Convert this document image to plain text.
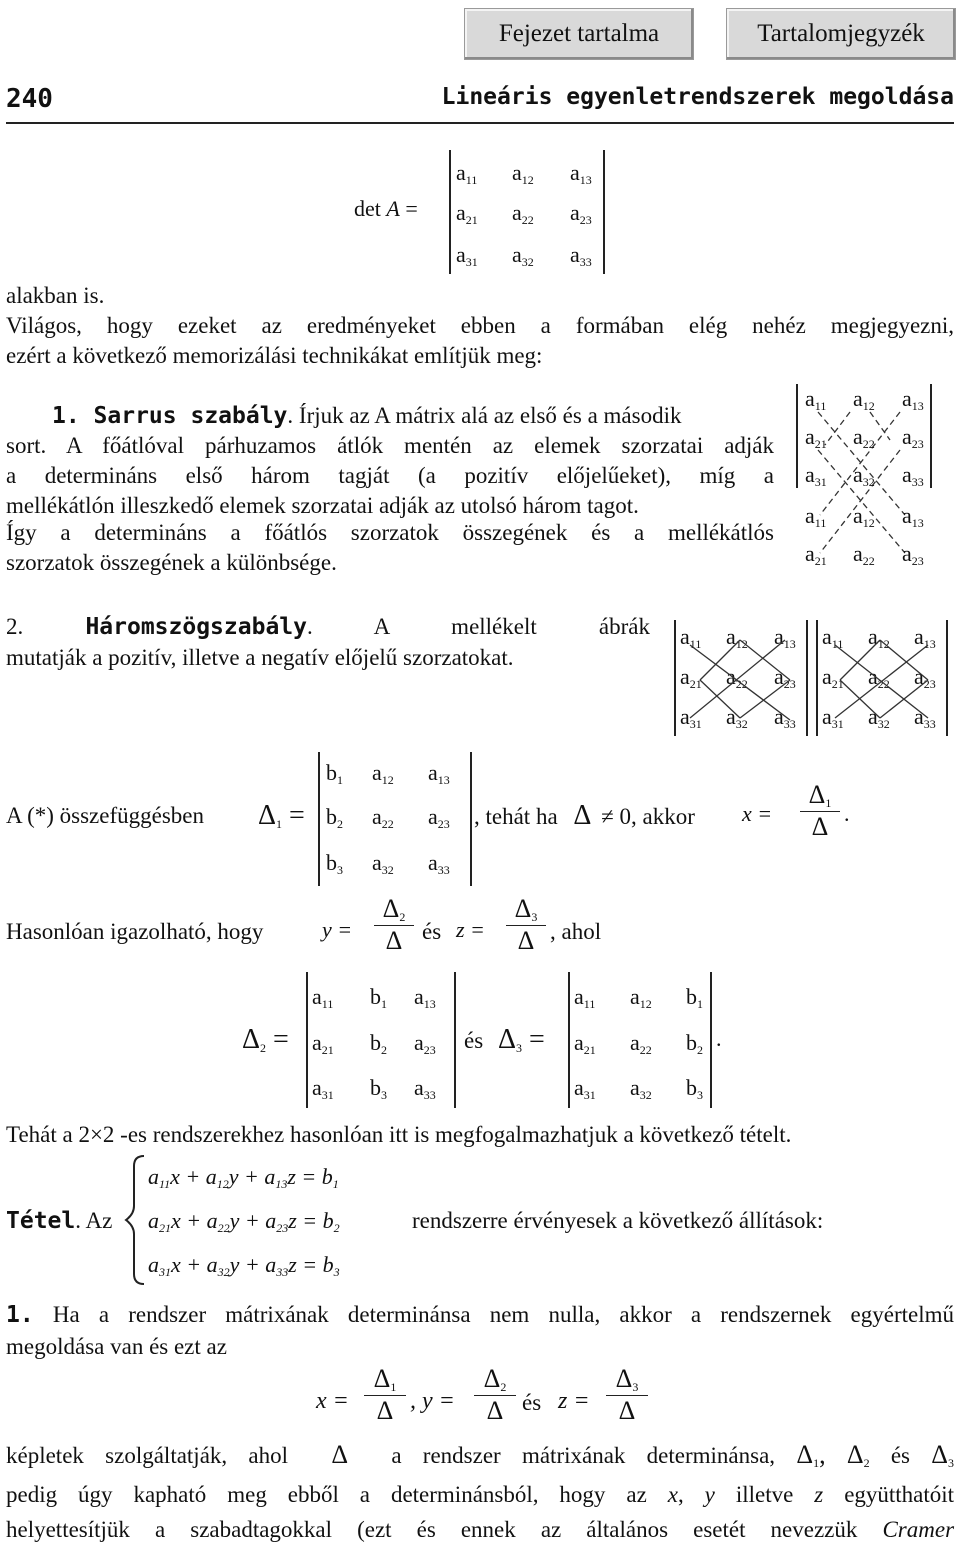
Fejezet tartalma	Tartalomjegyzék
240	Lineáris egyenletrendszerek megoldása
det A =
$a_{11}$ $a_{12}$ $a_{13}$
$a_{21}$ $a_{22}$ $a_{23}$
$a_{31}$ $a_{32}$ $a_{33}$
alakban is.
Világos, hogy ezeket az eredményeket ebben a formában elég nehéz megjegyezni,
ezért a következő memorizálási technikákat említjük meg:
1. Sarrus szabály. Írjuk az A mátrix alá az első és a második
sort. A főátlóval párhuzamos átlók mentén az elemek szorzatai adják
a determináns első három tagját (a pozitív előjelűeket), míg a
mellékátlón illeszkedő elemek szorzatai adják az utolsó három tagot.
Így a determináns a főátlós szorzatok összegének és a mellékátlós
szorzatok összegének a különbsége.
$a_{11}$ $a_{12}$ $a_{13}$
$a_{21}$ $a_{22}$ $a_{23}$
$a_{31}$ $a_{32}$ $a_{33}$
$a_{11}$ $a_{12}$ $a_{13}$
$a_{21}$ $a_{22}$ $a_{23}$
2.	Háromszögszabály. A mellékelt ábrák
mutatják a pozitív, illetve a negatív előjelű szorzatokat.
$a_{11}$ $a_{12}$ $a_{13}$
$a_{21}$ $a_{22}$ $a_{23}$
$a_{31}$ $a_{32}$ $a_{33}$
$a_{11}$ $a_{12}$ $a_{13}$
$a_{21}$ $a_{22}$ $a_{23}$
$a_{31}$ $a_{32}$ $a_{33}$
A (*) összefüggésben $\Delta_1$ =
$b_1$ $a_{12}$ $a_{13}$
$b_2$ $a_{22}$ $a_{23}$
$b_3$ $a_{32}$ $a_{33}$
, tehát ha Δ ≠ 0, akkor x =
$\Delta_1$
Δ .
Hasonlóan igazolható, hogy	y =
$\Delta_2$
Δ és z =
$\Delta_3$
Δ , ahol
$\Delta_2$ =
$a_{11}$ $b_1$ $a_{13}$
$a_{21}$ $b_2$ $a_{23}$
$a_{31}$ $b_3$ $a_{33}$
és $\Delta_3$ =
$a_{11}$ $a_{12}$ $b_1$
$a_{21}$ $a_{22}$ $b_2$
$a_{31}$ $a_{32}$ $b_3$
.
Tehát a 2×2 -es rendszerekhez hasonlóan itt is megfogalmazhatjuk a következő tételt.
Tétel. Az
$a_{11}x + a_{12}y + a_{13}z = b_1$
$a_{21}x + a_{22}y + a_{23}z = b_2$
$a_{31}x + a_{32}y + a_{33}z = b_3$
rendszerre érvényesek a következő állítások:
1. Ha a rendszer mátrixának determinánsa nem nulla, akkor a rendszernek egyértelmű
megoldása van és ezt az
x =
$\Delta_1$
Δ , y =
$\Delta_2$
Δ és z =
$\Delta_3$
Δ
képletek szolgáltatják, ahol  Δ  a rendszer mátrixának determinánsa, $\Delta_1$, $\Delta_2$ és $\Delta_3$
pedig úgy kapható meg ebből a determinánsból, hogy az x, y illetve z együtthatóit
helyettesítjük a szabadtagokkal (ezt és ennek az általános esetét nevezzük Cramer
